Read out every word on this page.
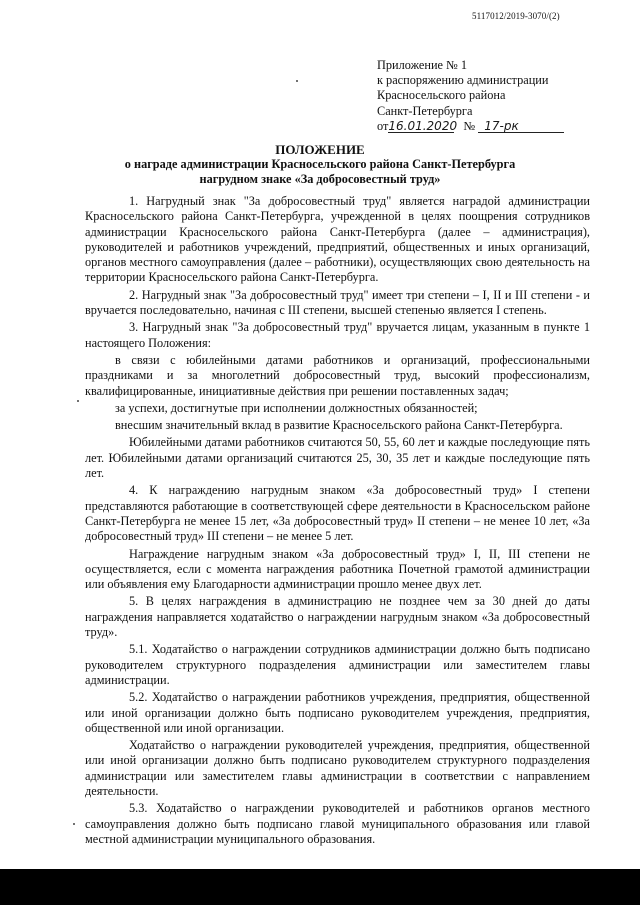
5117012/2019-3070/(2)
Приложение № 1
к распоряжению администрации
Красносельского района
Санкт-Петербурга
от16.01.2020 № 17-рк
ПОЛОЖЕНИЕ
о награде администрации Красносельского района Санкт-Петербурга
нагрудном знаке «За добросовестный труд»

1. Нагрудный знак "За добросовестный труд" является наградой администрации Красносельского района Санкт-Петербурга, учрежденной в целях поощрения сотрудников администрации Красносельского района Санкт-Петербурга (далее – администрация), руководителей и работников учреждений, предприятий, общественных и иных организаций, органов местного самоуправления (далее – работники), осуществляющих свою деятельность на территории Красносельского района Санкт-Петербурга.

2. Нагрудный знак "За добросовестный труд" имеет три степени – I, II и III степени - и вручается последовательно, начиная с III степени, высшей степенью является I степень.

3. Нагрудный знак "За добросовестный труд" вручается лицам, указанным в пункте 1 настоящего Положения:

в связи с юбилейными датами работников и организаций, профессиональными праздниками и за многолетний добросовестный труд, высокий профессионализм, квалифицированные, инициативные действия при решении поставленных задач;

за успехи, достигнутые при исполнении должностных обязанностей;

внесшим значительный вклад в развитие Красносельского района Санкт-Петербурга.

Юбилейными датами работников считаются 50, 55, 60 лет и каждые последующие пять лет. Юбилейными датами организаций считаются 25, 30, 35 лет и каждые последующие пять лет.

4. К награждению нагрудным знаком «За добросовестный труд» I степени представляются работающие в соответствующей сфере деятельности в Красносельском районе Санкт-Петербурга не менее 15 лет, «За добросовестный труд» II степени – не менее 10 лет, «За добросовестный труд» III степени – не менее 5 лет.

Награждение нагрудным знаком «За добросовестный труд» I, II, III степени не осуществляется, если с момента награждения работника Почетной грамотой администрации или объявления ему Благодарности администрации прошло менее двух лет.

5. В целях награждения в администрацию не позднее чем за 30 дней до даты награждения направляется ходатайство о награждении нагрудным знаком «За добросовестный труд».

5.1. Ходатайство о награждении сотрудников администрации должно быть подписано руководителем структурного подразделения администрации или заместителем главы администрации.

5.2. Ходатайство о награждении работников учреждения, предприятия, общественной или иной организации должно быть подписано руководителем учреждения, предприятия, общественной или иной организации.

Ходатайство о награждении руководителей учреждения, предприятия, общественной или иной организации должно быть подписано руководителем структурного подразделения администрации или заместителем главы администрации в соответствии с направлением деятельности.

5.3. Ходатайство о награждении руководителей и работников органов местного самоуправления должно быть подписано главой муниципального образования или главой местной администрации муниципального образования.
